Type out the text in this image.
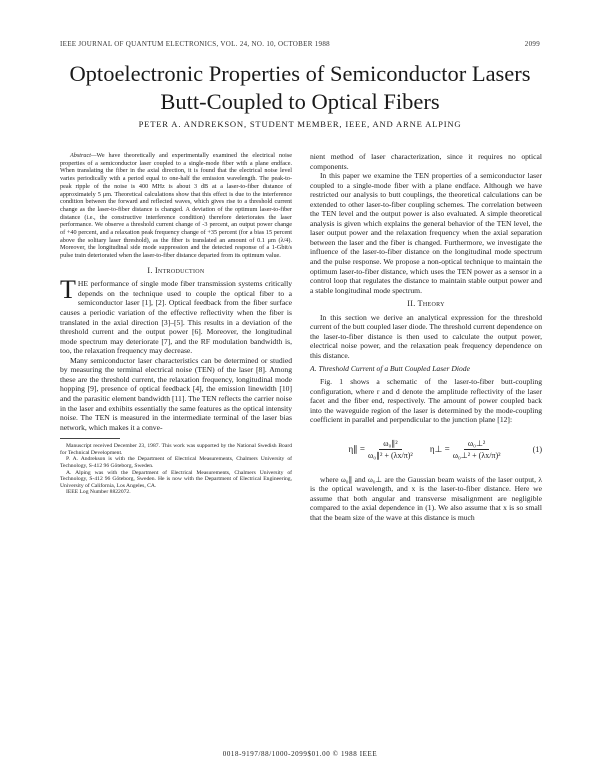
IEEE JOURNAL OF QUANTUM ELECTRONICS, VOL. 24, NO. 10, OCTOBER 1988	2099
Optoelectronic Properties of Semiconductor Lasers
Butt-Coupled to Optical Fibers
PETER A. ANDREKSON, STUDENT MEMBER, IEEE, AND ARNE ALPING
Abstract—We have theoretically and experimentally examined the electrical noise properties of a semiconductor laser coupled to a single-mode fiber with a plane endface. When translating the fiber in the axial direction, it is found that the electrical noise level varies periodically with a period equal to one-half the emission wavelength. The peak-to-peak ripple of the noise is 400 MHz is about 3 dB at a laser-to-fiber distance of approximately 5 μm. Theoretical calculations show that this effect is due to the interference condition between the forward and reflected waves, which gives rise to a threshold current change as the laser-to-fiber distance is changed. A deviation of the optimum laser-to-fiber distance (i.e., the constructive interference condition) therefore deteriorates the laser performance. We observe a threshold current change of -3 percent, an output power change of +40 percent, and a relaxation peak frequency change of +35 percent (for a bias 15 percent above the solitary laser threshold), as the fiber is translated an amount of 0.1 μm (λ/4). Moreover, the longitudinal side mode suppression and the detected response of a 1-Gbit/s pulse train deteriorated when the laser-to-fiber distance departed from its optimum value.
I. Introduction

THE performance of single mode fiber transmission systems critically depends on the technique used to couple the optical fiber to a semiconductor laser [1], [2]. Optical feedback from the fiber surface causes a periodic variation of the effective reflectivity when the fiber is translated in the axial direction [3]–[5]. This results in a deviation of the threshold current and the output power [6]. Moreover, the longitudinal mode spectrum may deteriorate [7], and the RF modulation bandwidth is, too, the relaxation frequency may decrease.

Many semiconductor laser characteristics can be determined or studied by measuring the terminal electrical noise (TEN) of the laser [8]. Among these are the threshold current, the relaxation frequency, longitudinal mode hopping [9], presence of optical feedback [4], the emission linewidth [10] and the parasitic element bandwidth [11]. The TEN reflects the carrier noise in the laser and exhibits essentially the same features as the optical intensity noise. The TEN is measured in the intermediate terminal of the laser bias network, which makes it a conve-

Manuscript received December 23, 1987. This work was supported by the National Swedish Board for Technical Development.
P. A. Andrekson is with the Department of Electrical Measurements, Chalmers University of Technology, S-412 96 Göteborg, Sweden.
A. Alping was with the Department of Electrical Measurements, Chalmers University of Technology, S-412 96 Göteborg, Sweden. He is now with the Department of Electrical Engineering, University of California, Los Angeles, CA.
IEEE Log Number 8822072.

nient method of laser characterization, since it requires no optical components.

In this paper we examine the TEN properties of a semiconductor laser coupled to a single-mode fiber with a plane endface. Although we have restricted our analysis to butt couplings, the theoretical calculations can be extended to other laser-to-fiber coupling schemes. The correlation between the TEN level and the output power is also evaluated. A simple theoretical analysis is given which explains the general behavior of the TEN level, the laser output power and the relaxation frequency when the axial separation between the laser and the fiber is changed. Furthermore, we investigate the influence of the laser-to-fiber distance on the longitudinal mode spectrum and the pulse response. We propose a non-optical technique to maintain the optimum laser-to-fiber distance, which uses the TEN power as a sensor in a control loop that regulates the distance to maintain stable output power and a stable longitudinal mode spectrum.

II. Theory

In this section we derive an analytical expression for the threshold current of the butt coupled laser diode. The threshold current dependence on the laser-to-fiber distance is then used to calculate the output power, electrical noise power, and the relaxation peak frequency dependence on this distance.

A. Threshold Current of a Butt Coupled Laser Diode

Fig. 1 shows a schematic of the laser-to-fiber butt-coupling configuration, where r and d denote the amplitude reflectivity of the laser facet and the fiber end, respectively. The amount of power coupled back into the waveguide region of the laser is determined by the mode-coupling coefficient in parallel and perpendicular to the junction plane [12]:

η∥ = $\frac{\text{ω₀∥²}}{\text{ω₀∥² + (λx/π)²}}$ η⊥ = $\frac{\text{ω₀⊥²}}{\text{ω₀⊥² + (λx/π)²}}$	(1)

where ω₀∥ and ω₀⊥ are the Gaussian beam waists of the laser output, λ is the optical wavelength, and x is the laser-to-fiber distance. Here we assume that both angular and transverse misalignment are negligible compared to the axial dependence in (1). We also assume that x is so small that the beam size of the wave at this distance is much

0018-9197/88/1000-2099$01.00 © 1988 IEEE
